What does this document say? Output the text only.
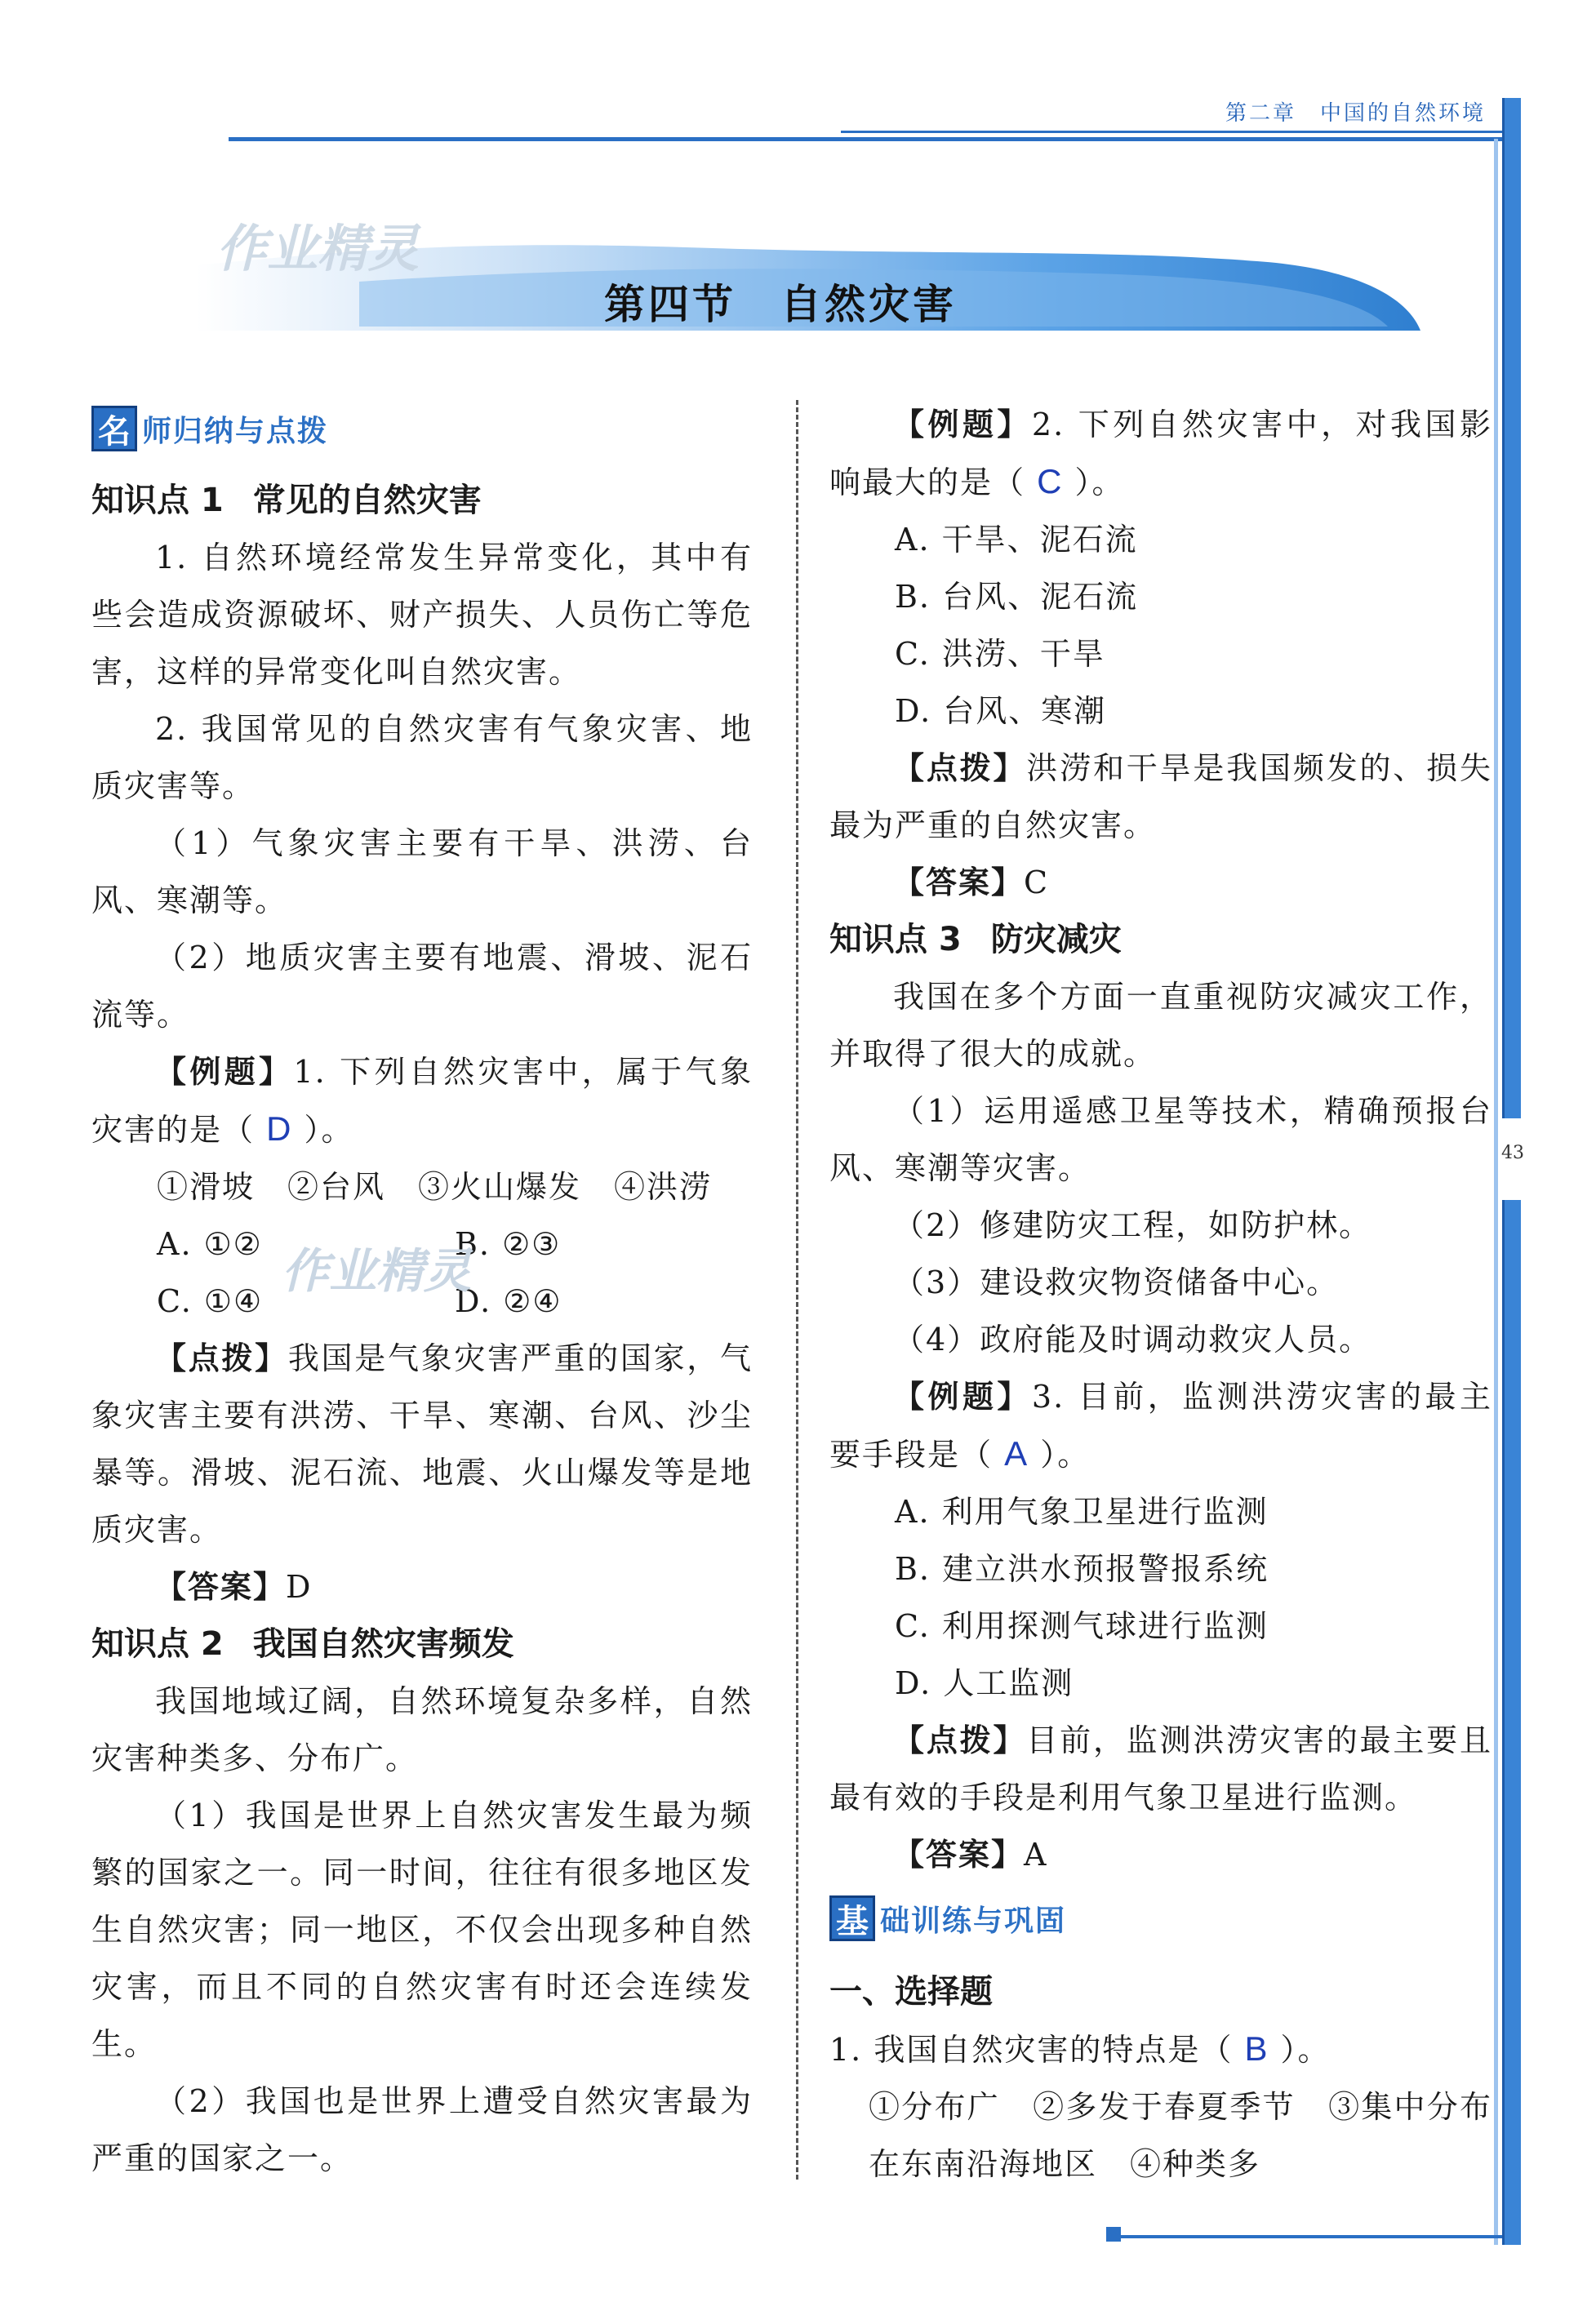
第二章　中国的自然环境
43
作业精灵
第四节　自然灾害
名 师归纳与点拨
知识点 1 常见的自然灾害
1. 自然环境经常发生异常变化，其中有些会造成资源破坏、财产损失、人员伤亡等危害，这样的异常变化叫自然灾害。
2. 我国常见的自然灾害有气象灾害、地质灾害等。
（1）气象灾害主要有干旱、洪涝、台风、寒潮等。
（2）地质灾害主要有地震、滑坡、泥石流等。
【例题】1. 下列自然灾害中，属于气象灾害的是（ D ）。
①滑坡　②台风　③火山爆发　④洪涝
A. ①②	B. ②③
C. ①④	D. ②④
【点拨】我国是气象灾害严重的国家，气象灾害主要有洪涝、干旱、寒潮、台风、沙尘暴等。滑坡、泥石流、地震、火山爆发等是地质灾害。
【答案】D
知识点 2 我国自然灾害频发
我国地域辽阔，自然环境复杂多样，自然灾害种类多、分布广。
（1）我国是世界上自然灾害发生最为频繁的国家之一。同一时间，往往有很多地区发生自然灾害；同一地区，不仅会出现多种自然灾害，而且不同的自然灾害有时还会连续发生。
（2）我国也是世界上遭受自然灾害最为严重的国家之一。
作业精灵
【例题】2. 下列自然灾害中，对我国影响最大的是（ C ）。
A. 干旱、泥石流
B. 台风、泥石流
C. 洪涝、干旱
D. 台风、寒潮
【点拨】洪涝和干旱是我国频发的、损失最为严重的自然灾害。
【答案】C
知识点 3 防灾减灾
我国在多个方面一直重视防灾减灾工作，并取得了很大的成就。
（1）运用遥感卫星等技术，精确预报台风、寒潮等灾害。
（2）修建防灾工程，如防护林。
（3）建设救灾物资储备中心。
（4）政府能及时调动救灾人员。
【例题】3. 目前，监测洪涝灾害的最主要手段是（ A ）。
A. 利用气象卫星进行监测
B. 建立洪水预报警报系统
C. 利用探测气球进行监测
D. 人工监测
【点拨】目前，监测洪涝灾害的最主要且最有效的手段是利用气象卫星进行监测。
【答案】A
基 础训练与巩固
一、选择题
1. 我国自然灾害的特点是（ B ）。
①分布广　②多发于春夏季节　③集中分布在东南沿海地区　④种类多
